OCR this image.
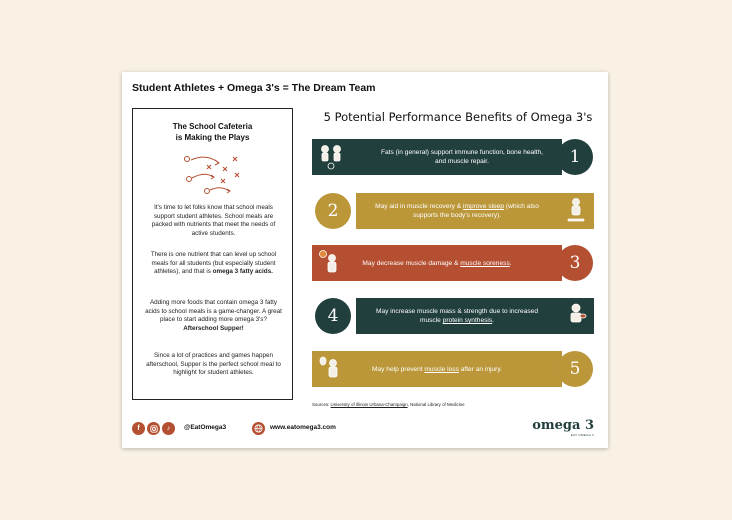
Student Athletes + Omega 3's = The Dream Team
The School Cafeteria
is Making the Plays
It's time to let folks know that school meals support student athletes. School meals are packed with nutrients that meet the needs of active students.
There is one nutrient that can level up school meals for all students (but especially student athletes), and that is omega 3 fatty acids.
Adding more foods that contain omega 3 fatty acids to school meals is a game-changer. A great place to start adding more omega 3's? Afterschool Supper!
Since a lot of practices and games happen afterschool, Supper is the perfect school meal to highlight for student athletes.
5 Potential Performance Benefits of Omega 3's
Fats (in general) support immune function, bone health, and muscle repair.	1
May aid in muscle recovery & improve sleep (which also supports the body's recovery).
2
May decrease muscle damage & muscle soreness.	3
May increase muscle mass & strength due to increased muscle protein synthesis.
4
May help prevent muscle loss after an injury.	5
Sources: University of Illinois Urbana-Champaign, National Library of Medicine
f	♪	@EatOmega3	www.eatomega3.com	omega 3
EAT OMEGA 3
